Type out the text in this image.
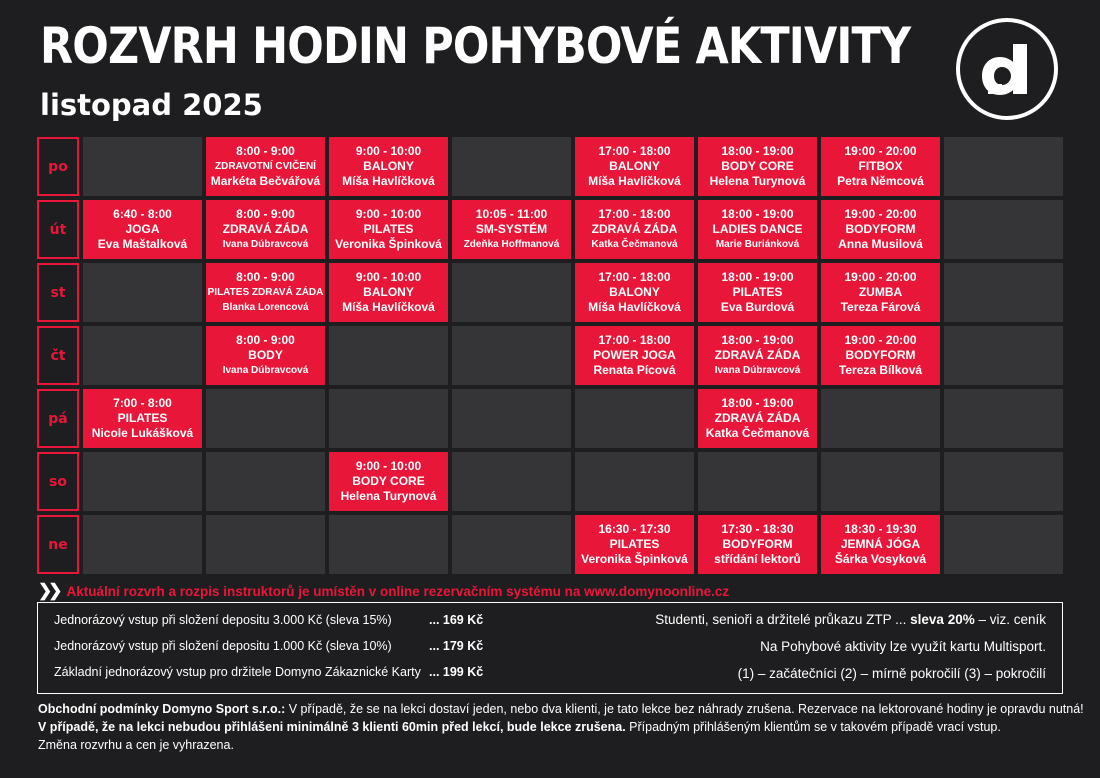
ROZVRH HODIN POHYBOVÉ AKTIVITY
listopad 2025
po
8:00 - 9:00
ZDRAVOTNÍ CVIČENÍ
Markéta Bečvářová
9:00 - 10:00
BALONY
Míša Havlíčková
17:00 - 18:00
BALONY
Míša Havlíčková
18:00 - 19:00
BODY CORE
Helena Turynová
19:00 - 20:00
FITBOX
Petra Němcová
út
6:40 - 8:00
JOGA
Eva Maštalková
8:00 - 9:00
ZDRAVÁ ZÁDA
Ivana Dúbravcová
9:00 - 10:00
PILATES
Veronika Špinková
10:05 - 11:00
SM-SYSTÉM
Zdeňka Hoffmanová
17:00 - 18:00
ZDRAVÁ ZÁDA
Katka Čečmanová
18:00 - 19:00
LADIES DANCE
Marie Buriánková
19:00 - 20:00
BODYFORM
Anna Musilová
st
8:00 - 9:00
PILATES ZDRAVÁ ZÁDA
Blanka Lorencová
9:00 - 10:00
BALONY
Míša Havlíčková
17:00 - 18:00
BALONY
Míša Havlíčková
18:00 - 19:00
PILATES
Eva Burdová
19:00 - 20:00
ZUMBA
Tereza Fárová
čt
8:00 - 9:00
BODY
Ivana Dúbravcová
17:00 - 18:00
POWER JOGA
Renata Pícová
18:00 - 19:00
ZDRAVÁ ZÁDA
Ivana Dúbravcová
19:00 - 20:00
BODYFORM
Tereza Bílková
pá
7:00 - 8:00
PILATES
Nicole Lukášková
18:00 - 19:00
ZDRAVÁ ZÁDA
Katka Čečmanová
so
9:00 - 10:00
BODY CORE
Helena Turynová
ne
16:30 - 17:30
PILATES
Veronika Špinková
17:30 - 18:30
BODYFORM
střídání lektorů
18:30 - 19:30
JEMNÁ JÓGA
Šárka Vosyková
❯❯ Aktuální rozvrh a rozpis instruktorů je umístěn v online rezervačním systému na www.domynoonline.cz
Jednorázový vstup při složení depositu 3.000 Kč (sleva 15%)	... 169 Kč
Jednorázový vstup při složení depositu 1.000 Kč (sleva 10%)	... 179 Kč
Základní jednorázový vstup pro držitele Domyno Zákaznické Karty ... 199 Kč
Studenti, senioři a držitelé průkazu ZTP ... sleva 20% – viz. ceník
Na Pohybové aktivity lze využít kartu Multisport.
(1) – začátečníci (2) – mírně pokročilí (3) – pokročilí
Obchodní podmínky Domyno Sport s.r.o.: V případě, že se na lekci dostaví jeden, nebo dva klienti, je tato lekce bez náhrady zrušena. Rezervace na lektorované hodiny je opravdu nutná!
V případě, že na lekci nebudou přihlášeni minimálně 3 klienti 60min před lekcí, bude lekce zrušena. Případným přihlášeným klientům se v takovém případě vrací vstup.
Změna rozvrhu a cen je vyhrazena.
